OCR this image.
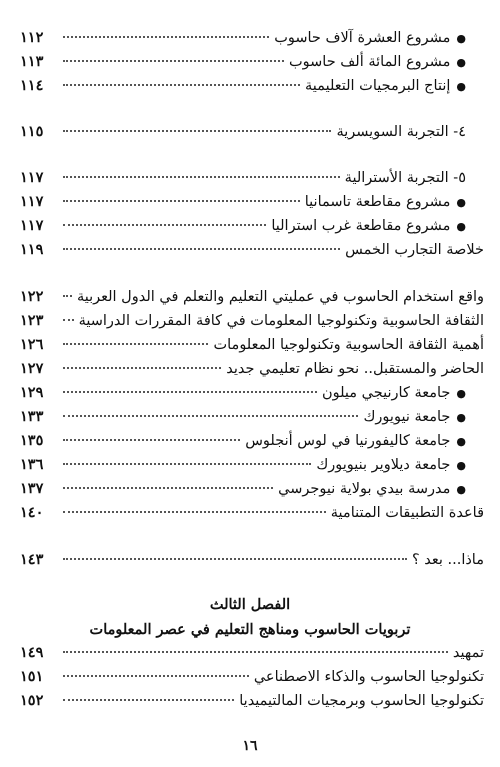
●مشروع العشرة آلاف حاسوب
١١٢
●مشروع المائة ألف حاسوب
١١٣
●إنتاج البرمجيات التعليمية
١١٤
٤- التجربة السويسرية
١١٥
٥- التجربة الأسترالية
١١٧
●مشروع مقاطعة تاسمانيا
١١٧
●مشروع مقاطعة غرب استراليا
١١٧
خلاصة التجارب الخمس
١١٩
واقع استخدام الحاسوب في عمليتي التعليم والتعلم في الدول العربية
١٢٢
الثقافة الحاسوبية وتكنولوجيا المعلومات في كافة المقررات الدراسية
١٢٣
أهمية الثقافة الحاسوبية وتكنولوجيا المعلومات
١٢٦
الحاضر والمستقبل.. نحو نظام تعليمي جديد
١٢٧
●جامعة كارنيجي ميلون
١٢٩
●جامعة نيويورك
١٣٣
●جامعة كاليفورنيا في لوس أنجلوس
١٣٥
●جامعة ديلاوير بنيويورك
١٣٦
●مدرسة بيدي بولاية نيوجرسي
١٣٧
قاعدة التطبيقات المتنامية
١٤٠
ماذا... بعد ؟
١٤٣
الفصل الثالث
تربويات الحاسوب ومناهج التعليم في عصر المعلومات
تمهيد
١٤٩
تكنولوجيا الحاسوب والذكاء الاصطناعي
١٥١
تكنولوجيا الحاسوب وبرمجيات المالتيميديا
١٥٢
١٦
